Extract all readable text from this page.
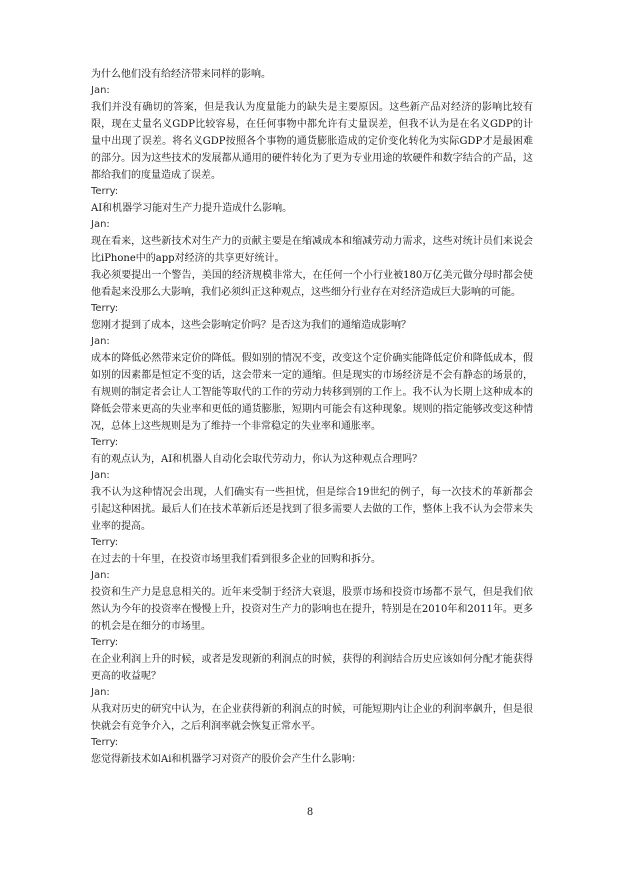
为什么他们没有给经济带来同样的影响。

Jan:

我们并没有确切的答案，但是我认为度量能力的缺失是主要原因。这些新产品对经济的影响比较有限，现在丈量名义GDP比较容易，在任何事物中都允许有丈量误差，但我不认为是在名义GDP的计量中出现了误差。将名义GDP按照各个事物的通货膨胀造成的定价变化转化为实际GDP才是最困难的部分。因为这些技术的发展都从通用的硬件转化为了更为专业用途的软硬件和数字结合的产品，这都给我们的度量造成了误差。

Terry:

AI和机器学习能对生产力提升造成什么影响。

Jan:

现在看来，这些新技术对生产力的贡献主要是在缩减成本和缩减劳动力需求，这些对统计员们来说会比iPhone中的app对经济的共享更好统计。

我必须要提出一个警告，美国的经济规模非常大，在任何一个小行业被180万亿美元做分母时都会使他看起来没那么大影响，我们必须纠正这种观点，这些细分行业存在对经济造成巨大影响的可能。

Terry:

您刚才提到了成本，这些会影响定价吗？是否这为我们的通缩造成影响？

Jan:

成本的降低必然带来定价的降低。假如别的情况不变，改变这个定价确实能降低定价和降低成本，假如别的因素都是恒定不变的话，这会带来一定的通缩。但是现实的市场经济是不会有静态的场景的，有规则的制定者会让人工智能等取代的工作的劳动力转移到别的工作上。我不认为长期上这种成本的降低会带来更高的失业率和更低的通货膨胀，短期内可能会有这种现象。规则的指定能够改变这种情况，总体上这些规则是为了维持一个非常稳定的失业率和通胀率。

Terry:

有的观点认为，AI和机器人自动化会取代劳动力，你认为这种观点合理吗？

Jan:

我不认为这种情况会出现，人们确实有一些担忧，但是综合19世纪的例子，每一次技术的革新都会引起这种困扰。最后人们在技术革新后还是找到了很多需要人去做的工作，整体上我不认为会带来失业率的提高。

Terry:

在过去的十年里，在投资市场里我们看到很多企业的回购和拆分。

Jan:

投资和生产力是息息相关的。近年来受制于经济大衰退，股票市场和投资市场都不景气，但是我们依然认为今年的投资率在慢慢上升，投资对生产力的影响也在提升，特别是在2010年和2011年。更多的机会是在细分的市场里。

Terry:

在企业利润上升的时候，或者是发现新的利润点的时候，获得的利润结合历史应该如何分配才能获得更高的收益呢？

Jan:

从我对历史的研究中认为，在企业获得新的利润点的时候，可能短期内让企业的利润率飙升，但是很快就会有竞争介入，之后利润率就会恢复正常水平。

Terry:

您觉得新技术如Ai和机器学习对资产的股价会产生什么影响：

8
